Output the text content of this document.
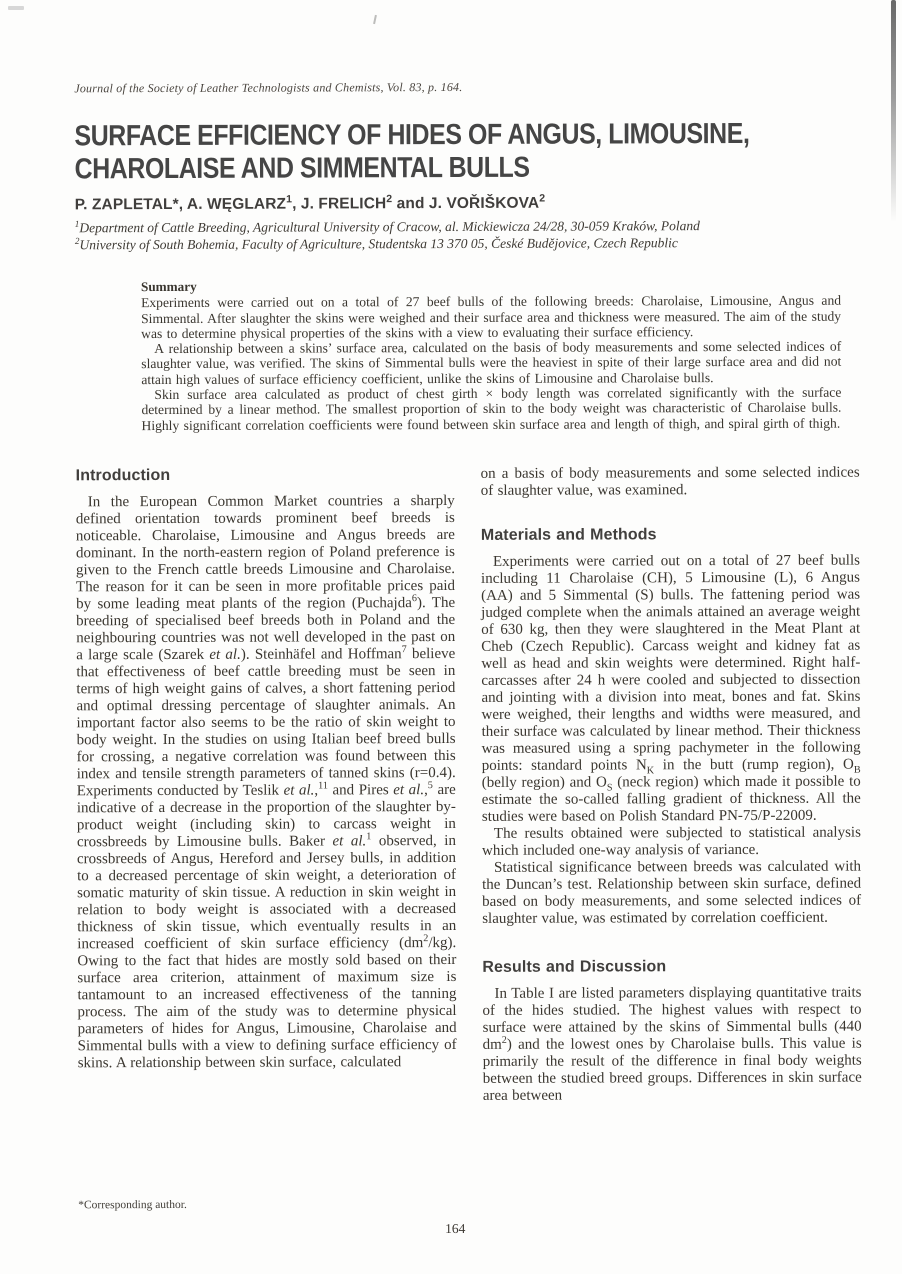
Journal of the Society of Leather Technologists and Chemists, Vol. 83, p. 164.
SURFACE EFFICIENCY OF HIDES OF ANGUS, LIMOUSINE,
CHAROLAISE AND SIMMENTAL BULLS
P. ZAPLETAL*, A. WĘGLARZ$^1$, J. FRELICH$^2$ and J. VOŘIŠKOVA$^2$
$^1$Department of Cattle Breeding, Agricultural University of Cracow, al. Mickiewicza 24/28, 30-059 Kraków, Poland
$^2$University of South Bohemia, Faculty of Agriculture, Studentska 13 370 05, České Budějovice, Czech Republic
Summary

Experiments were carried out on a total of 27 beef bulls of the following breeds: Charolaise, Limousine, Angus and Simmental. After slaughter the skins were weighed and their surface area and thickness were measured. The aim of the study was to determine physical properties of the skins with a view to evaluating their surface efficiency.

A relationship between a skins’ surface area, calculated on the basis of body measurements and some selected indices of slaughter value, was verified. The skins of Simmental bulls were the heaviest in spite of their large surface area and did not attain high values of surface efficiency coefficient, unlike the skins of Limousine and Charolaise bulls.

Skin surface area calculated as product of chest girth × body length was correlated significantly with the surface determined by a linear method. The smallest proportion of skin to the body weight was characteristic of Charolaise bulls. Highly significant correlation coefficients were found between skin surface area and length of thigh, and spiral girth of thigh.

Introduction

In the European Common Market countries a sharply defined orientation towards prominent beef breeds is noticeable. Charolaise, Limousine and Angus breeds are dominant. In the north-eastern region of Poland preference is given to the French cattle breeds Limousine and Charolaise. The reason for it can be seen in more profitable prices paid by some leading meat plants of the region (Puchajda$^6$). The breeding of specialised beef breeds both in Poland and the neighbouring countries was not well developed in the past on a large scale (Szarek et al.). Steinhäfel and Hoffman$^7$ believe that effectiveness of beef cattle breeding must be seen in terms of high weight gains of calves, a short fattening period and optimal dressing percentage of slaughter animals. An important factor also seems to be the ratio of skin weight to body weight. In the studies on using Italian beef breed bulls for crossing, a negative correlation was found between this index and tensile strength parameters of tanned skins (r=0.4). Experiments conducted by Teslik et al.,$^{11}$ and Pires et al.,$^5$ are indicative of a decrease in the proportion of the slaughter by-product weight (including skin) to carcass weight in crossbreeds by Limousine bulls. Baker et al.$^1$ observed, in crossbreeds of Angus, Hereford and Jersey bulls, in addition to a decreased percentage of skin weight, a deterioration of somatic maturity of skin tissue. A reduction in skin weight in relation to body weight is associated with a decreased thickness of skin tissue, which eventually results in an increased coefficient of skin surface efficiency $(dm^2/kg)$. Owing to the fact that hides are mostly sold based on their surface area criterion, attainment of maximum size is tantamount to an increased effectiveness of the tanning process. The aim of the study was to determine physical parameters of hides for Angus, Limousine, Charolaise and Simmental bulls with a view to defining surface efficiency of skins. A relationship between skin surface, calculated

on a basis of body measurements and some selected indices of slaughter value, was examined.

Materials and Methods

Experiments were carried out on a total of 27 beef bulls including 11 Charolaise (CH), 5 Limousine (L), 6 Angus (AA) and 5 Simmental (S) bulls. The fattening period was judged complete when the animals attained an average weight of 630 kg, then they were slaughtered in the Meat Plant at Cheb (Czech Republic). Carcass weight and kidney fat as well as head and skin weights were determined. Right half-carcasses after 24 h were cooled and subjected to dissection and jointing with a division into meat, bones and fat. Skins were weighed, their lengths and widths were measured, and their surface was calculated by linear method. Their thickness was measured using a spring pachymeter in the following points: standard points $N_K$ in the butt (rump region), $O_B$ (belly region) and $O_S$ (neck region) which made it possible to estimate the so-called falling gradient of thickness. All the studies were based on Polish Standard PN-75/P-22009.

The results obtained were subjected to statistical analysis which included one-way analysis of variance.

Statistical significance between breeds was calculated with the Duncan’s test. Relationship between skin surface, defined based on body measurements, and some selected indices of slaughter value, was estimated by correlation coefficient.

Results and Discussion

In Table I are listed parameters displaying quantitative traits of the hides studied. The highest values with respect to surface were attained by the skins of Simmental bulls (440 $dm^2$) and the lowest ones by Charolaise bulls. This value is primarily the result of the difference in final body weights between the studied breed groups. Differences in skin surface area between

*Corresponding author.
164
